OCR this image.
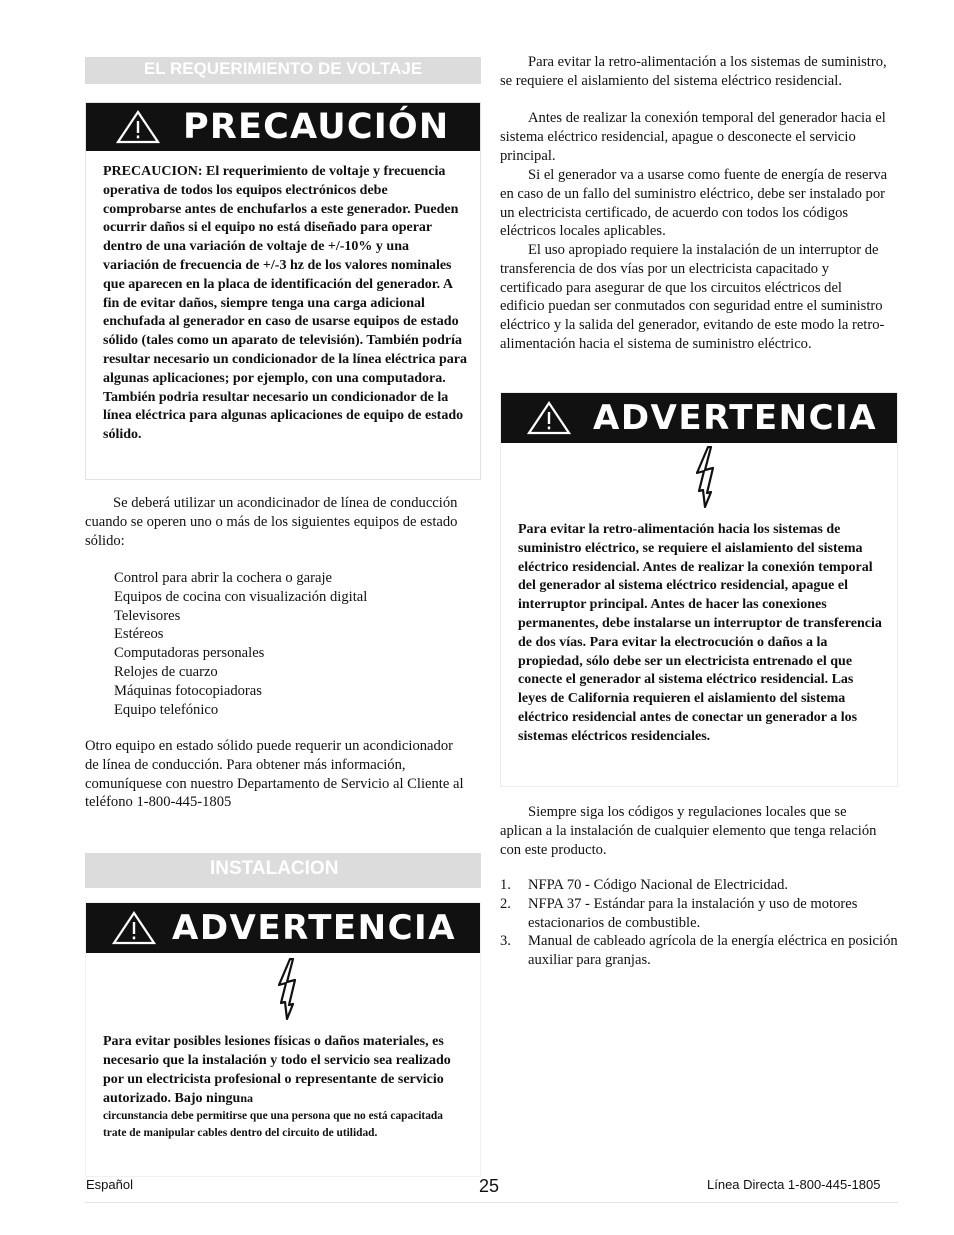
EL REQUERIMIENTO DE VOLTAJE
PRECAUCIÓN

PRECAUCION: El requerimiento de voltaje y frecuencia operativa de todos los equipos electrónicos debe comprobarse antes de enchufarlos a este generador. Pueden ocurrir daños si el equipo no está diseñado para operar dentro de una variación de voltaje de +/-10% y una variación de frecuencia de +/-3 hz de los valores nominales que aparecen en la placa de identificación del generador. A fin de evitar daños, siempre tenga una carga adicional enchufada al generador en caso de usarse equipos de estado sólido (tales como un aparato de televisión). También podría resultar necesario un condicionador de la línea eléctrica para algunas aplicaciones; por ejemplo, con una computadora. También podria resultar necesario un condicionador de la línea eléctrica para algunas aplicaciones de equipo de estado sólido.

Se deberá utilizar un acondicinador de línea de conducción cuando se operen uno o más de los siguientes equipos de estado sólido:

Control para abrir la cochera o garaje
Equipos de cocina con visualización digital
Televisores
Estéreos
Computadoras personales
Relojes de cuarzo
Máquinas fotocopiadoras
Equipo telefónico

Otro equipo en estado sólido puede requerir un acondicionador de línea de conducción. Para obtener más información, comuníquese con nuestro Departamento de Servicio al Cliente al teléfono 1-800-445-1805

INSTALACION
ADVERTENCIA

Para evitar posibles lesiones físicas o daños materiales, es necesario que la instalación y todo el servicio sea realizado por un electricista profesional o representante de servicio autorizado. Bajo ninguna

circunstancia debe permitirse que una persona que no está capacitada trate de manipular cables dentro del circuito de utilidad.

Para evitar la retro-alimentación a los sistemas de suministro, se requiere el aislamiento del sistema eléctrico residencial.

Antes de realizar la conexión temporal del generador hacia el sistema eléctrico residencial, apague o desconecte el servicio principal.

Si el generador va a usarse como fuente de energía de reserva en caso de un fallo del suministro eléctrico, debe ser instalado por un electricista certificado, de acuerdo con todos los códigos eléctricos locales aplicables.

El uso apropiado requiere la instalación de un interruptor de transferencia de dos vías por un electricista capacitado y certificado para asegurar de que los circuitos eléctricos del edificio puedan ser conmutados con seguridad entre el suministro eléctrico y la salida del generador, evitando de este modo la retro-alimentación hacia el sistema de suministro eléctrico.

ADVERTENCIA

Para evitar la retro-alimentación hacia los sistemas de suministro eléctrico, se requiere el aislamiento del sistema eléctrico residencial. Antes de realizar la conexión temporal del generador al sistema eléctrico residencial, apague el interruptor principal. Antes de hacer las conexiones permanentes, debe instalarse un interruptor de transferencia de dos vías. Para evitar la electrocución o daños a la propiedad, sólo debe ser un electricista entrenado el que conecte el generador al sistema eléctrico residencial. Las leyes de California requieren el aislamiento del sistema eléctrico residencial antes de conectar un generador a los sistemas eléctricos residenciales.

Siempre siga los códigos y regulaciones locales que se aplican a la instalación de cualquier elemento que tenga relación con este producto.

1.	NFPA 70 - Código Nacional de Electricidad.
2.	NFPA 37 - Estándar para la instalación y uso de motores estacionarios de combustible.
3.	Manual de cableado agrícola de la energía eléctrica en posición auxiliar para granjas.
Español	25	Línea Directa 1-800-445-1805
